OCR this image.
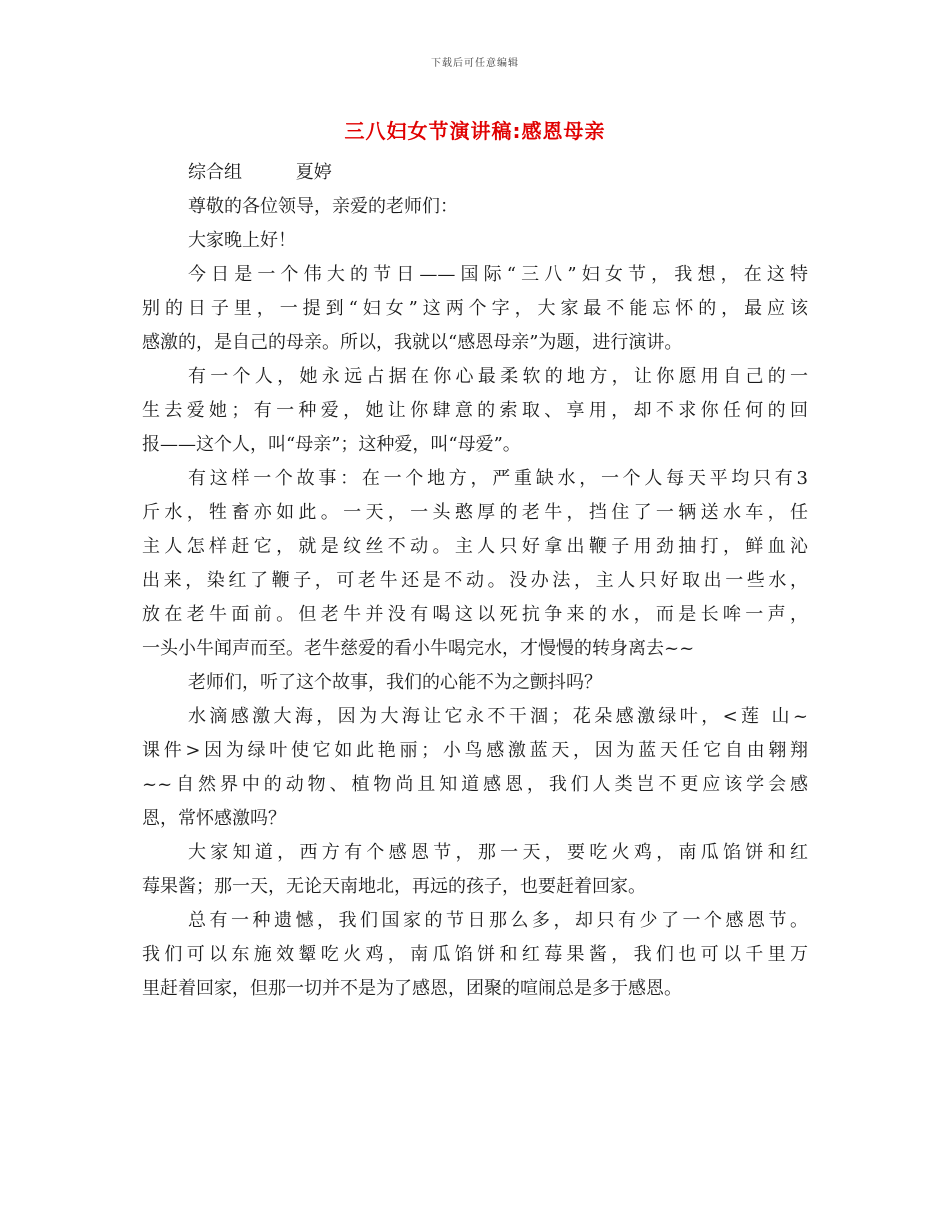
下载后可任意编辑
三八妇女节演讲稿:感恩母亲
综合组	夏婷
尊敬的各位领导，亲爱的老师们：
大家晚上好！
今日是一个伟大的节日——国际“三八”妇女节，我想，在这特
别的日子里，一提到“妇女”这两个字，大家最不能忘怀的，最应该
感激的，是自己的母亲。所以，我就以“感恩母亲”为题，进行演讲。
有一个人，她永远占据在你心最柔软的地方，让你愿用自己的一
生去爱她；有一种爱，她让你肆意的索取、享用，却不求你任何的回
报——这个人，叫“母亲”；这种爱，叫“母爱”。
有这样一个故事：在一个地方，严重缺水，一个人每天平均只有3
斤水，牲畜亦如此。一天，一头憨厚的老牛，挡住了一辆送水车，任
主人怎样赶它，就是纹丝不动。主人只好拿出鞭子用劲抽打，鲜血沁
出来，染红了鞭子，可老牛还是不动。没办法，主人只好取出一些水，
放在老牛面前。但老牛并没有喝这以死抗争来的水，而是长哞一声，
一头小牛闻声而至。老牛慈爱的看小牛喝完水，才慢慢的转身离去~~
老师们，听了这个故事，我们的心能不为之颤抖吗？
水滴感激大海，因为大海让它永不干涸；花朵感激绿叶，<莲 山~
课件>因为绿叶使它如此艳丽；小鸟感激蓝天，因为蓝天任它自由翱翔
~~自然界中的动物、植物尚且知道感恩，我们人类岂不更应该学会感
恩，常怀感激吗？
大家知道，西方有个感恩节，那一天，要吃火鸡，南瓜馅饼和红
莓果酱；那一天，无论天南地北，再远的孩子，也要赶着回家。
总有一种遗憾，我们国家的节日那么多，却只有少了一个感恩节。
我们可以东施效颦吃火鸡，南瓜馅饼和红莓果酱，我们也可以千里万
里赶着回家，但那一切并不是为了感恩，团聚的喧闹总是多于感恩。
